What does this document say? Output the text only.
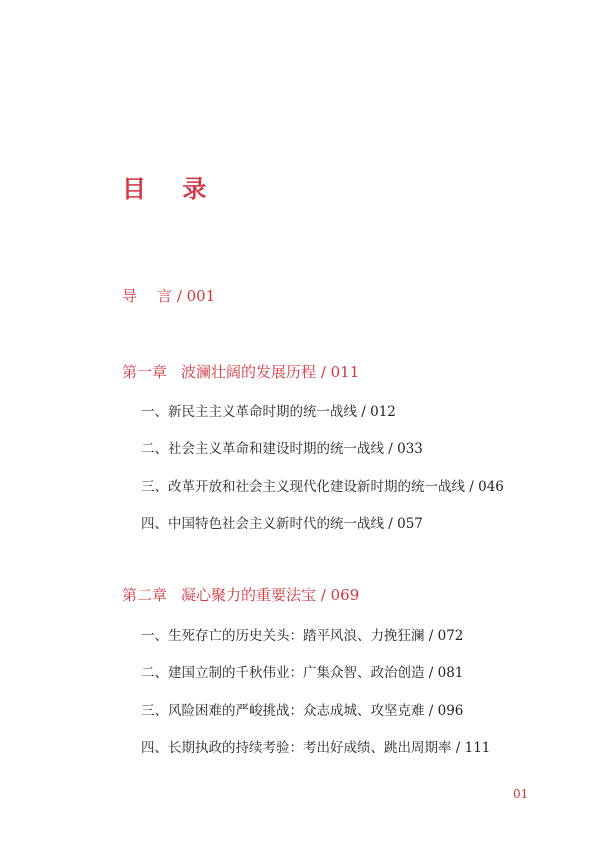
目 录
导 言 / 001
第一章 波澜壮阔的发展历程 / 011
一、新民主主义革命时期的统一战线 / 012
二、社会主义革命和建设时期的统一战线 / 033
三、改革开放和社会主义现代化建设新时期的统一战线 / 046
四、中国特色社会主义新时代的统一战线 / 057
第二章 凝心聚力的重要法宝 / 069
一、生死存亡的历史关头：踏平风浪、力挽狂澜 / 072
二、建国立制的千秋伟业：广集众智、政治创造 / 081
三、风险困难的严峻挑战：众志成城、攻坚克难 / 096
四、长期执政的持续考验：考出好成绩、跳出周期率 / 111
01
